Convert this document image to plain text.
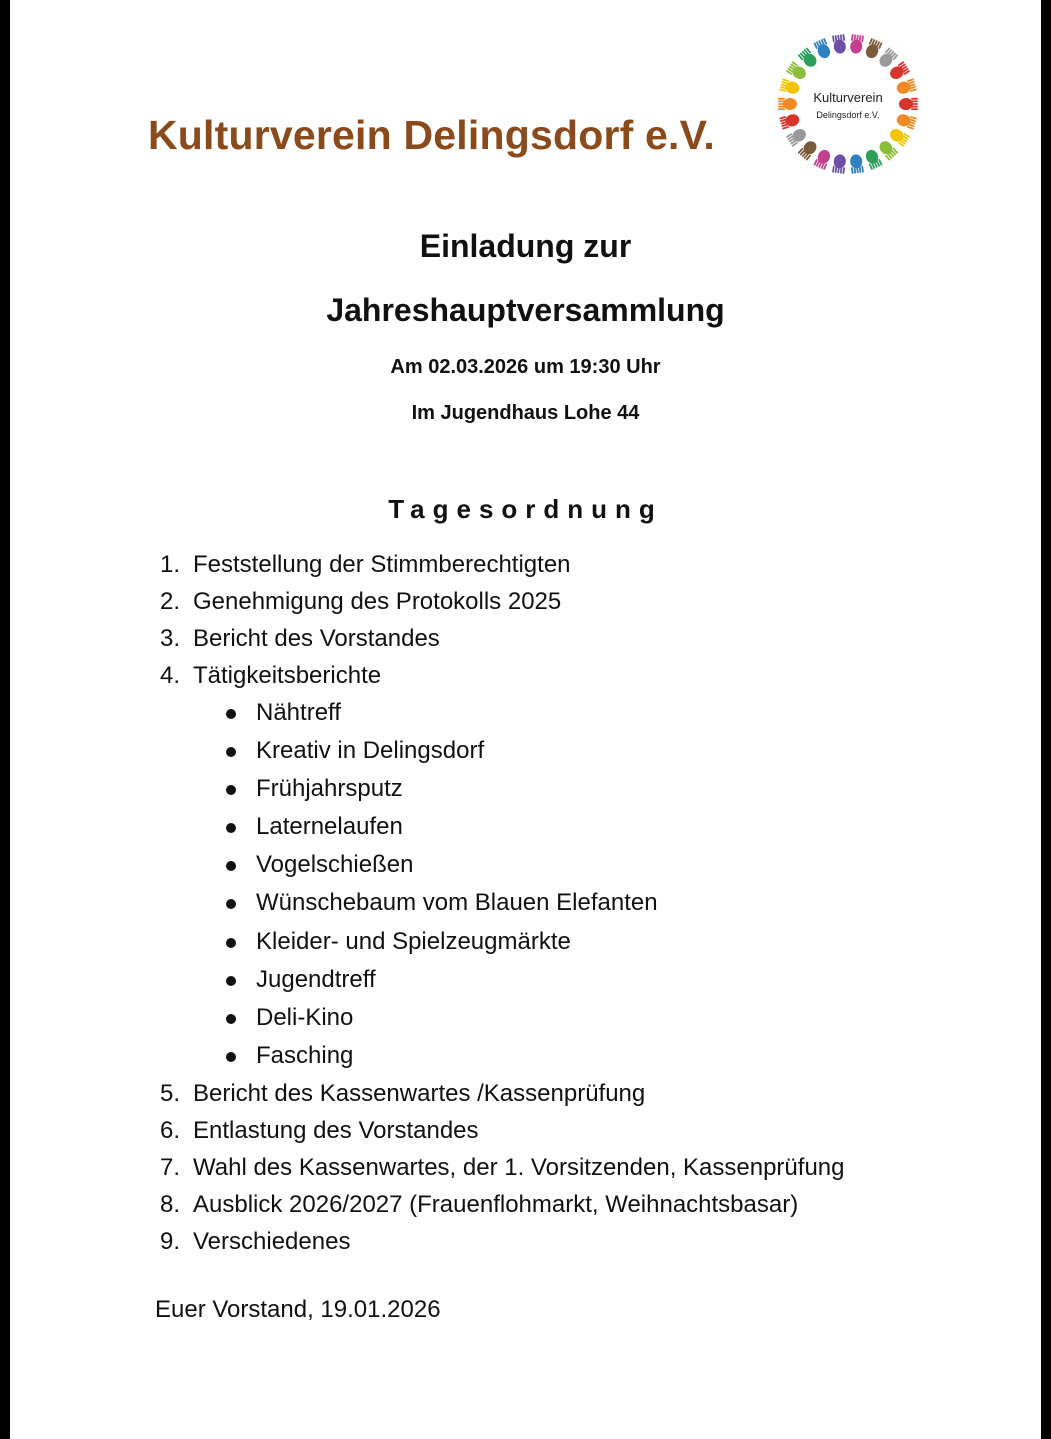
Kulturverein Delingsdorf e.V.
Kulturverein
Delingsdorf e.V.
Einladung zur
Jahreshauptversammlung
Am 02.03.2026 um 19:30 Uhr
Im Jugendhaus Lohe 44
Tagesordnung
1. Feststellung der Stimmberechtigten
2. Genehmigung des Protokolls 2025
3. Bericht des Vorstandes
4. Tätigkeitsberichte
Nähtreff
Kreativ in Delingsdorf
Frühjahrsputz
Laternelaufen
Vogelschießen
Wünschebaum vom Blauen Elefanten
Kleider- und Spielzeugmärkte
Jugendtreff
Deli-Kino
Fasching
5. Bericht des Kassenwartes /Kassenprüfung
6. Entlastung des Vorstandes
7. Wahl des Kassenwartes, der 1. Vorsitzenden, Kassenprüfung
8. Ausblick 2026/2027 (Frauenflohmarkt, Weihnachtsbasar)
9. Verschiedenes
Euer Vorstand, 19.01.2026
